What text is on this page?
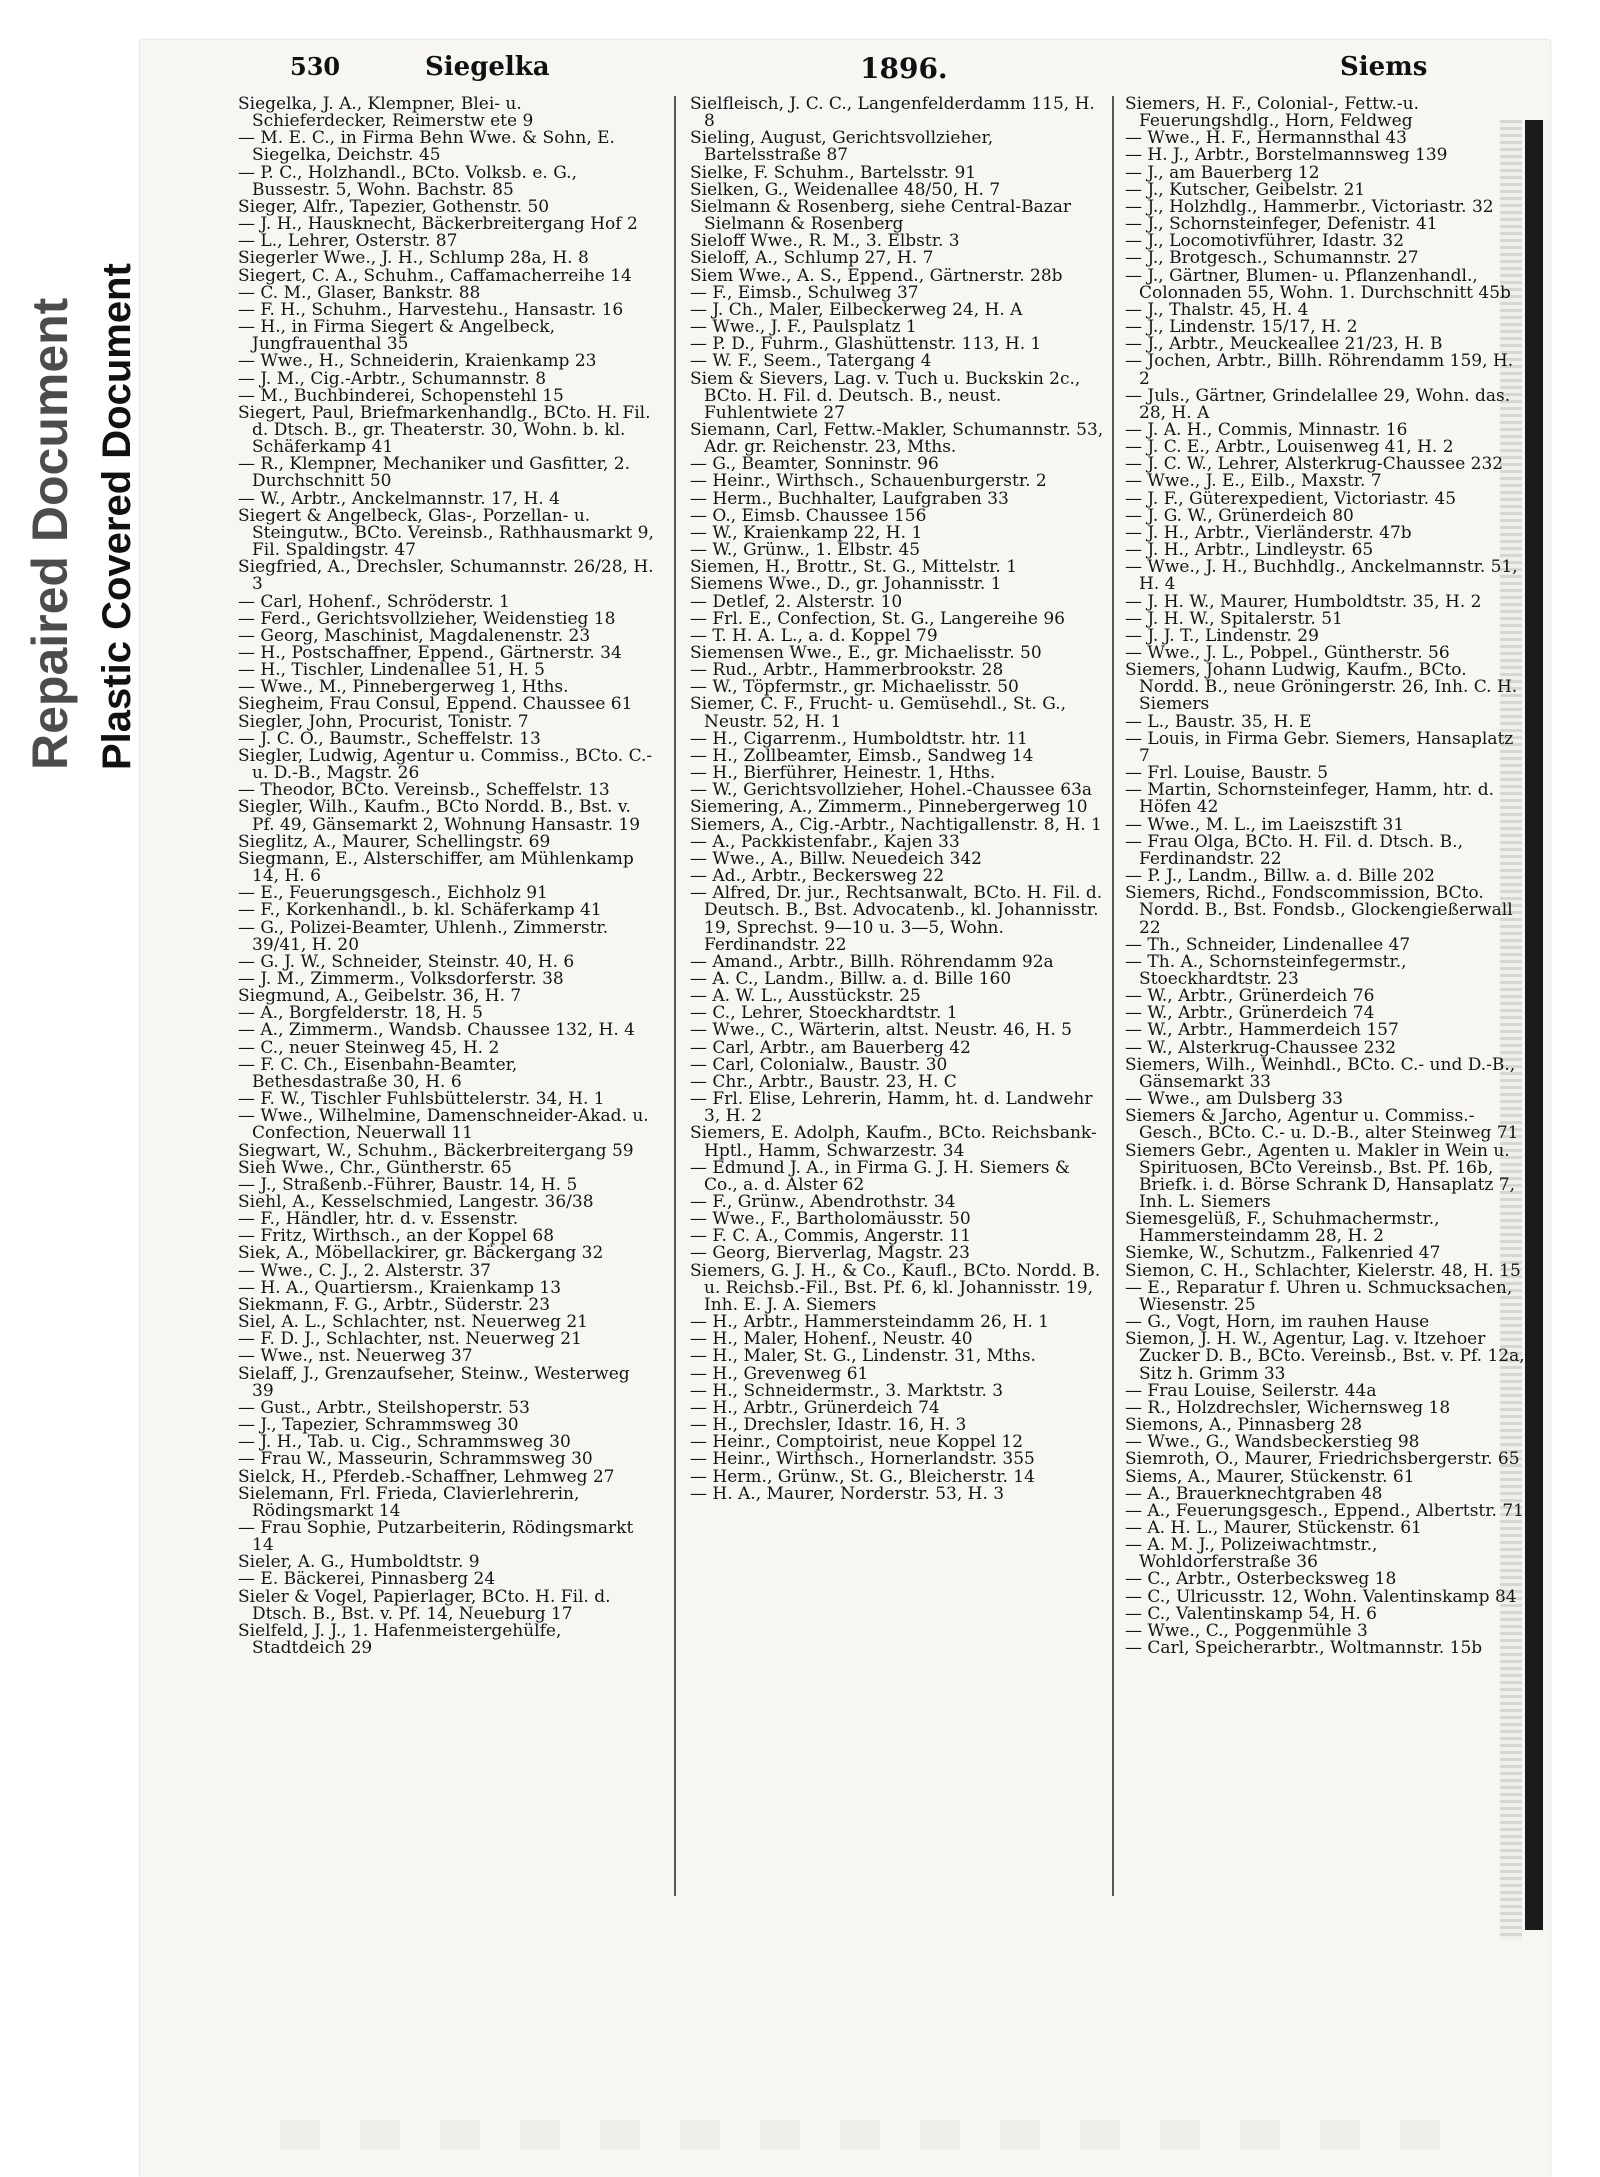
Repaired Document Plastic Covered Document
530	Siegelka	1896.	Siems

Siegelka, J. A., Klempner, Blei- u. Schieferdecker, Reimerstw ete 9

— M. E. C., in Firma Behn Wwe. & Sohn, E. Siegelka, Deichstr. 45

— P. C., Holzhandl., BCto. Volksb. e. G., Bussestr. 5, Wohn. Bachstr. 85

Sieger, Alfr., Tapezier, Gothenstr. 50

— J. H., Hausknecht, Bäckerbreitergang Hof 2

— L., Lehrer, Osterstr. 87

Siegerler Wwe., J. H., Schlump 28a, H. 8

Siegert, C. A., Schuhm., Caffamacherreihe 14

— C. M., Glaser, Bankstr. 88

— F. H., Schuhm., Harvestehu., Hansastr. 16

— H., in Firma Siegert & Angelbeck, Jungfrauenthal 35

— Wwe., H., Schneiderin, Kraienkamp 23

— J. M., Cig.-Arbtr., Schumannstr. 8

— M., Buchbinderei, Schopenstehl 15

Siegert, Paul, Briefmarkenhandlg., BCto. H. Fil. d. Dtsch. B., gr. Theaterstr. 30, Wohn. b. kl. Schäferkamp 41

— R., Klempner, Mechaniker und Gasfitter, 2. Durchschnitt 50

— W., Arbtr., Anckelmannstr. 17, H. 4

Siegert & Angelbeck, Glas-, Porzellan- u. Steingutw., BCto. Vereinsb., Rathhausmarkt 9, Fil. Spaldingstr. 47

Siegfried, A., Drechsler, Schumannstr. 26/28, H. 3

— Carl, Hohenf., Schröderstr. 1

— Ferd., Gerichtsvollzieher, Weidenstieg 18

— Georg, Maschinist, Magdalenenstr. 23

— H., Postschaffner, Eppend., Gärtnerstr. 34

— H., Tischler, Lindenallee 51, H. 5

— Wwe., M., Pinnebergerweg 1, Hths.

Siegheim, Frau Consul, Eppend. Chaussee 61

Siegler, John, Procurist, Tonistr. 7

— J. C. O., Baumstr., Scheffelstr. 13

Siegler, Ludwig, Agentur u. Commiss., BCto. C.- u. D.-B., Magstr. 26

— Theodor, BCto. Vereinsb., Scheffelstr. 13

Siegler, Wilh., Kaufm., BCto Nordd. B., Bst. v. Pf. 49, Gänsemarkt 2, Wohnung Hansastr. 19

Sieglitz, A., Maurer, Schellingstr. 69

Siegmann, E., Alsterschiffer, am Mühlenkamp 14, H. 6

— E., Feuerungsgesch., Eichholz 91

— F., Korkenhandl., b. kl. Schäferkamp 41

— G., Polizei-Beamter, Uhlenh., Zimmerstr. 39/41, H. 20

— G. J. W., Schneider, Steinstr. 40, H. 6

— J. M., Zimmerm., Volksdorferstr. 38

Siegmund, A., Geibelstr. 36, H. 7

— A., Borgfelderstr. 18, H. 5

— A., Zimmerm., Wandsb. Chaussee 132, H. 4

— C., neuer Steinweg 45, H. 2

— F. C. Ch., Eisenbahn-Beamter, Bethesdastraße 30, H. 6

— F. W., Tischler Fuhlsbüttelerstr. 34, H. 1

— Wwe., Wilhelmine, Damenschneider-Akad. u. Confection, Neuerwall 11

Siegwart, W., Schuhm., Bäckerbreitergang 59

Sieh Wwe., Chr., Güntherstr. 65

— J., Straßenb.-Führer, Baustr. 14, H. 5

Siehl, A., Kesselschmied, Langestr. 36/38

— F., Händler, htr. d. v. Essenstr.

— Fritz, Wirthsch., an der Koppel 68

Siek, A., Möbellackirer, gr. Bäckergang 32

— Wwe., C. J., 2. Alsterstr. 37

— H. A., Quartiersm., Kraienkamp 13

Siekmann, F. G., Arbtr., Süderstr. 23

Siel, A. L., Schlachter, nst. Neuerweg 21

— F. D. J., Schlachter, nst. Neuerweg 21

— Wwe., nst. Neuerweg 37

Sielaff, J., Grenzaufseher, Steinw., Westerweg 39

— Gust., Arbtr., Steilshoperstr. 53

— J., Tapezier, Schrammsweg 30

— J. H., Tab. u. Cig., Schrammsweg 30

— Frau W., Masseurin, Schrammsweg 30

Sielck, H., Pferdeb.-Schaffner, Lehmweg 27

Sielemann, Frl. Frieda, Clavierlehrerin, Rödingsmarkt 14

— Frau Sophie, Putzarbeiterin, Rödingsmarkt 14

Sieler, A. G., Humboldtstr. 9

— E. Bäckerei, Pinnasberg 24

Sieler & Vogel, Papierlager, BCto. H. Fil. d. Dtsch. B., Bst. v. Pf. 14, Neueburg 17

Sielfeld, J. J., 1. Hafenmeistergehülfe, Stadtdeich 29

Sielfleisch, J. C. C., Langenfelderdamm 115, H. 8

Sieling, August, Gerichtsvollzieher, Bartelsstraße 87

Sielke, F. Schuhm., Bartelsstr. 91

Sielken, G., Weidenallee 48/50, H. 7

Sielmann & Rosenberg, siehe Central-Bazar Sielmann & Rosenberg

Sieloff Wwe., R. M., 3. Elbstr. 3

Sieloff, A., Schlump 27, H. 7

Siem Wwe., A. S., Eppend., Gärtnerstr. 28b

— F., Eimsb., Schulweg 37

— J. Ch., Maler, Eilbeckerweg 24, H. A

— Wwe., J. F., Paulsplatz 1

— P. D., Fuhrm., Glashüttenstr. 113, H. 1

— W. F., Seem., Tatergang 4

Siem & Sievers, Lag. v. Tuch u. Buckskin 2c., BCto. H. Fil. d. Deutsch. B., neust. Fuhlentwiete 27

Siemann, Carl, Fettw.-Makler, Schumannstr. 53, Adr. gr. Reichenstr. 23, Mths.

— G., Beamter, Sonninstr. 96

— Heinr., Wirthsch., Schauenburgerstr. 2

— Herm., Buchhalter, Laufgraben 33

— O., Eimsb. Chaussee 156

— W., Kraienkamp 22, H. 1

— W., Grünw., 1. Elbstr. 45

Siemen, H., Brottr., St. G., Mittelstr. 1

Siemens Wwe., D., gr. Johannisstr. 1

— Detlef, 2. Alsterstr. 10

— Frl. E., Confection, St. G., Langereihe 96

— T. H. A. L., a. d. Koppel 79

Siemensen Wwe., E., gr. Michaelisstr. 50

— Rud., Arbtr., Hammerbrookstr. 28

— W., Töpfermstr., gr. Michaelisstr. 50

Siemer, C. F., Frucht- u. Gemüsehdl., St. G., Neustr. 52, H. 1

— H., Cigarrenm., Humboldtstr. htr. 11

— H., Zollbeamter, Eimsb., Sandweg 14

— H., Bierführer, Heinestr. 1, Hths.

— W., Gerichtsvollzieher, Hohel.-Chaussee 63a

Siemering, A., Zimmerm., Pinnebergerweg 10

Siemers, A., Cig.-Arbtr., Nachtigallenstr. 8, H. 1

— A., Packkistenfabr., Kajen 33

— Wwe., A., Billw. Neuedeich 342

— Ad., Arbtr., Beckersweg 22

— Alfred, Dr. jur., Rechtsanwalt, BCto. H. Fil. d. Deutsch. B., Bst. Advocatenb., kl. Johannisstr. 19, Sprechst. 9—10 u. 3—5, Wohn. Ferdinandstr. 22

— Amand., Arbtr., Billh. Röhrendamm 92a

— A. C., Landm., Billw. a. d. Bille 160

— A. W. L., Ausstückstr. 25

— C., Lehrer, Stoeckhardtstr. 1

— Wwe., C., Wärterin, altst. Neustr. 46, H. 5

— Carl, Arbtr., am Bauerberg 42

— Carl, Colonialw., Baustr. 30

— Chr., Arbtr., Baustr. 23, H. C

— Frl. Elise, Lehrerin, Hamm, ht. d. Landwehr 3, H. 2

Siemers, E. Adolph, Kaufm., BCto. Reichsbank-Hptl., Hamm, Schwarzestr. 34

— Edmund J. A., in Firma G. J. H. Siemers & Co., a. d. Alster 62

— F., Grünw., Abendrothstr. 34

— Wwe., F., Bartholomäusstr. 50

— F. C. A., Commis, Angerstr. 11

— Georg, Bierverlag, Magstr. 23

Siemers, G. J. H., & Co., Kaufl., BCto. Nordd. B. u. Reichsb.-Fil., Bst. Pf. 6, kl. Johannisstr. 19, Inh. E. J. A. Siemers

— H., Arbtr., Hammersteindamm 26, H. 1

— H., Maler, Hohenf., Neustr. 40

— H., Maler, St. G., Lindenstr. 31, Mths.

— H., Grevenweg 61

— H., Schneidermstr., 3. Marktstr. 3

— H., Arbtr., Grünerdeich 74

— H., Drechsler, Idastr. 16, H. 3

— Heinr., Comptoirist, neue Koppel 12

— Heinr., Wirthsch., Hornerlandstr. 355

— Herm., Grünw., St. G., Bleicherstr. 14

— H. A., Maurer, Norderstr. 53, H. 3

Siemers, H. F., Colonial-, Fettw.-u. Feuerungshdlg., Horn, Feldweg

— Wwe., H. F., Hermannsthal 43

— H. J., Arbtr., Borstelmannsweg 139

— J., am Bauerberg 12

— J., Kutscher, Geibelstr. 21

— J., Holzhdlg., Hammerbr., Victoriastr. 32

— J., Schornsteinfeger, Defenistr. 41

— J., Locomotivführer, Idastr. 32

— J., Brotgesch., Schumannstr. 27

— J., Gärtner, Blumen- u. Pflanzenhandl., Colonnaden 55, Wohn. 1. Durchschnitt 45b

— J., Thalstr. 45, H. 4

— J., Lindenstr. 15/17, H. 2

— J., Arbtr., Meuckeallee 21/23, H. B

— Jochen, Arbtr., Billh. Röhrendamm 159, H. 2

— Juls., Gärtner, Grindelallee 29, Wohn. das. 28, H. A

— J. A. H., Commis, Minnastr. 16

— J. C. E., Arbtr., Louisenweg 41, H. 2

— J. C. W., Lehrer, Alsterkrug-Chaussee 232

— Wwe., J. E., Eilb., Maxstr. 7

— J. F., Güterexpedient, Victoriastr. 45

— J. G. W., Grünerdeich 80

— J. H., Arbtr., Vierländerstr. 47b

— J. H., Arbtr., Lindleystr. 65

— Wwe., J. H., Buchhdlg., Anckelmannstr. 51, H. 4

— J. H. W., Maurer, Humboldtstr. 35, H. 2

— J. H. W., Spitalerstr. 51

— J. J. T., Lindenstr. 29

— Wwe., J. L., Pobpel., Güntherstr. 56

Siemers, Johann Ludwig, Kaufm., BCto. Nordd. B., neue Gröningerstr. 26, Inh. C. H. Siemers

— L., Baustr. 35, H. E

— Louis, in Firma Gebr. Siemers, Hansaplatz 7

— Frl. Louise, Baustr. 5

— Martin, Schornsteinfeger, Hamm, htr. d. Höfen 42

— Wwe., M. L., im Laeiszstift 31

— Frau Olga, BCto. H. Fil. d. Dtsch. B., Ferdinandstr. 22

— P. J., Landm., Billw. a. d. Bille 202

Siemers, Richd., Fondscommission, BCto. Nordd. B., Bst. Fondsb., Glockengießerwall 22

— Th., Schneider, Lindenallee 47

— Th. A., Schornsteinfegermstr., Stoeckhardtstr. 23

— W., Arbtr., Grünerdeich 76

— W., Arbtr., Grünerdeich 74

— W., Arbtr., Hammerdeich 157

— W., Alsterkrug-Chaussee 232

Siemers, Wilh., Weinhdl., BCto. C.- und D.-B., Gänsemarkt 33

— Wwe., am Dulsberg 33

Siemers & Jarcho, Agentur u. Commiss.-Gesch., BCto. C.- u. D.-B., alter Steinweg 71

Siemers Gebr., Agenten u. Makler in Wein u. Spirituosen, BCto Vereinsb., Bst. Pf. 16b, Briefk. i. d. Börse Schrank D, Hansaplatz 7, Inh. L. Siemers

Siemesgelüß, F., Schuhmachermstr., Hammersteindamm 28, H. 2

Siemke, W., Schutzm., Falkenried 47

Siemon, C. H., Schlachter, Kielerstr. 48, H. 15

— E., Reparatur f. Uhren u. Schmucksachen, Wiesenstr. 25

— G., Vogt, Horn, im rauhen Hause

Siemon, J. H. W., Agentur, Lag. v. Itzehoer Zucker D. B., BCto. Vereinsb., Bst. v. Pf. 12a, Sitz h. Grimm 33

— Frau Louise, Seilerstr. 44a

— R., Holzdrechsler, Wichernsweg 18

Siemons, A., Pinnasberg 28

— Wwe., G., Wandsbeckerstieg 98

Siemroth, O., Maurer, Friedrichsbergerstr. 65

Siems, A., Maurer, Stückenstr. 61

— A., Brauerknechtgraben 48

— A., Feuerungsgesch., Eppend., Albertstr. 71

— A. H. L., Maurer, Stückenstr. 61

— A. M. J., Polizeiwachtmstr., Wohldorferstraße 36

— C., Arbtr., Osterbecksweg 18

— C., Ulricusstr. 12, Wohn. Valentinskamp 84

— C., Valentinskamp 54, H. 6

— Wwe., C., Poggenmühle 3

— Carl, Speicherarbtr., Woltmannstr. 15b
